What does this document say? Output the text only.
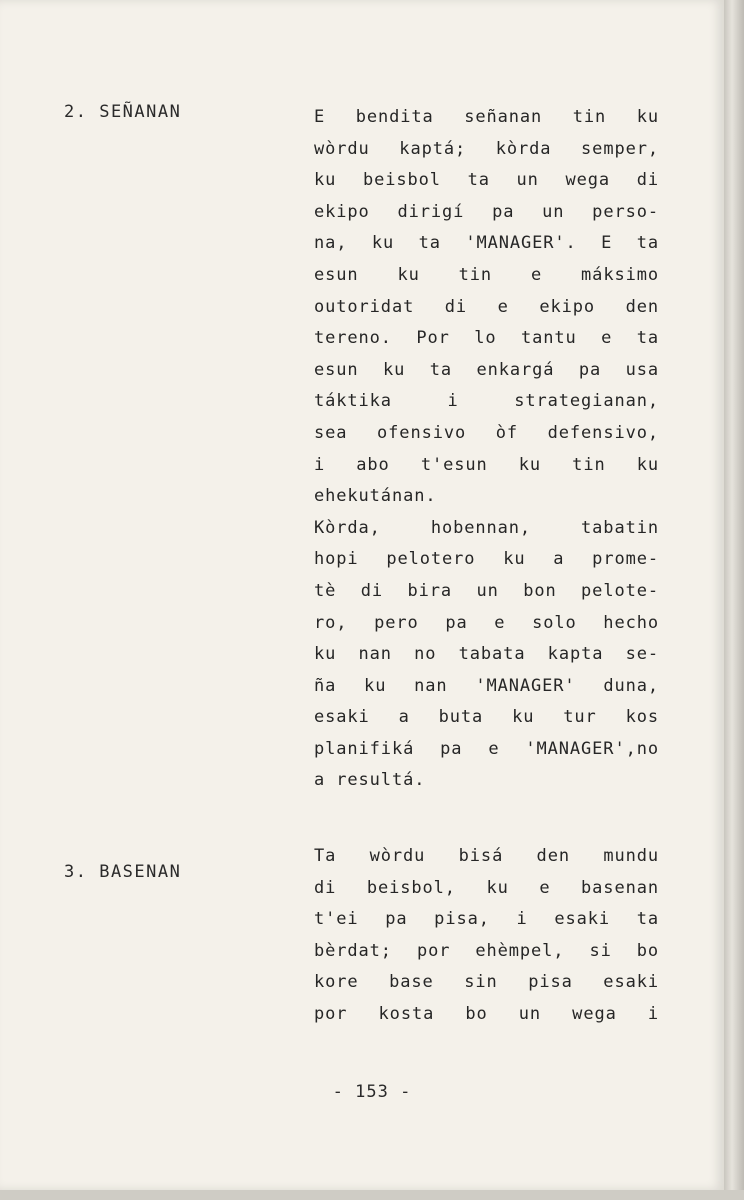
2. SEÑANAN
3. BASENAN
E bendita señanan tin ku
wòrdu kaptá; kòrda semper,
ku beisbol ta un wega di
ekipo dirigí pa un perso-
na, ku ta 'MANAGER'. E ta
esun ku tin e máksimo
outoridat di e ekipo den
tereno. Por lo tantu e ta
esun ku ta enkargá pa usa
táktika i strategianan,
sea ofensivo òf defensivo,
i abo t'esun ku tin ku
ehekutánan.
Kòrda, hobennan, tabatin
hopi pelotero ku a prome-
tè di bira un bon pelote-
ro, pero pa e solo hecho
ku nan no tabata kapta se-
ña ku nan 'MANAGER' duna,
esaki a buta ku tur kos
planifiká pa e 'MANAGER',no
a resultá.
Ta wòrdu bisá den mundu
di beisbol, ku e basenan
t'ei pa pisa, i esaki ta
bèrdat; por ehèmpel, si bo
kore base sin pisa esaki
por kosta bo un wega i
- 153 -
